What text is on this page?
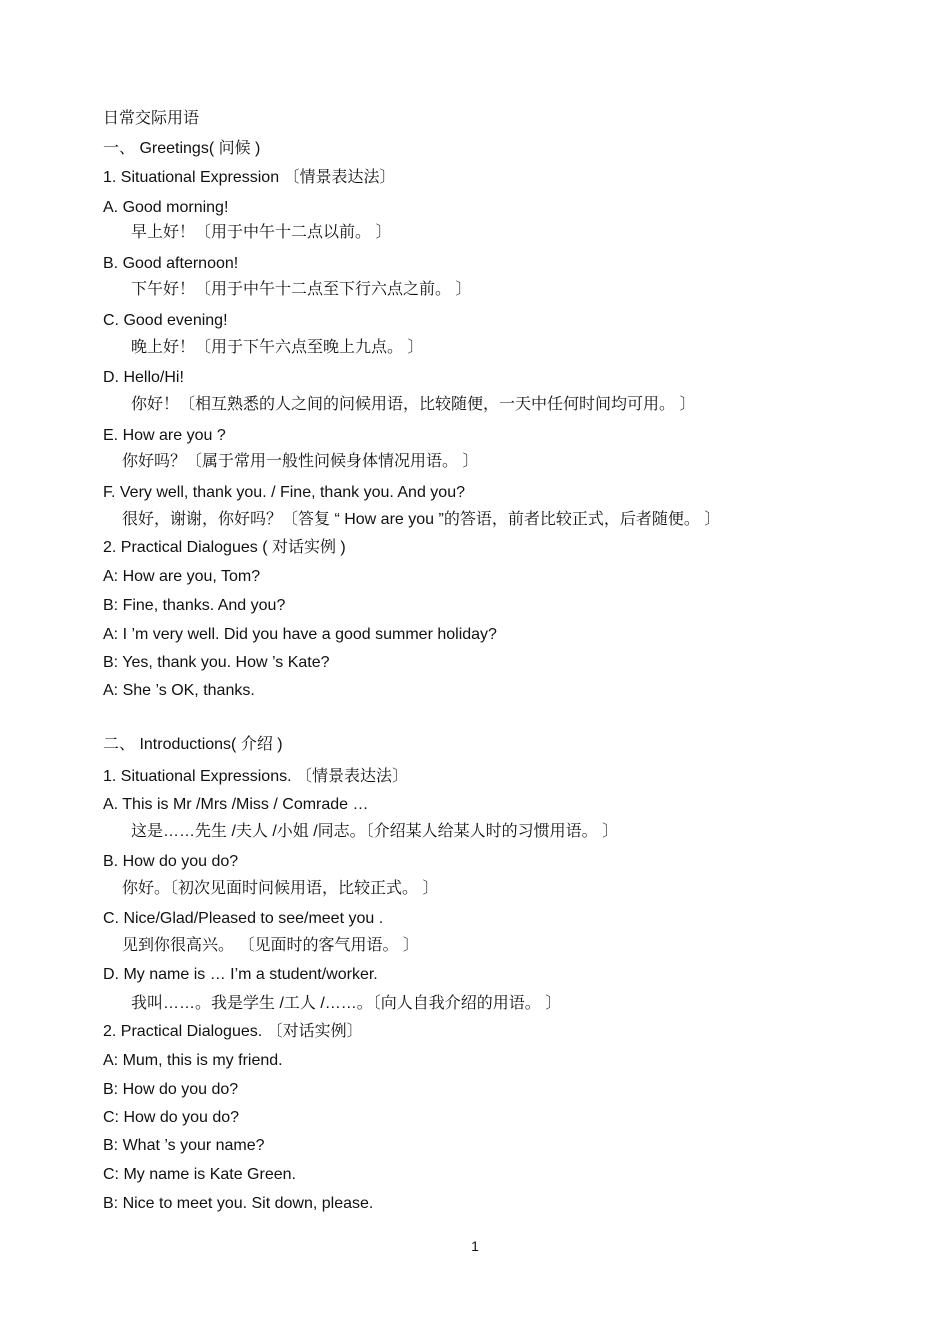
日常交际用语
一、 Greetings( 问候 )
1. Situational Expression 〔情景表达法〕
A. Good morning!
早上好！〔用于中午十二点以前。 〕
B. Good afternoon!
下午好！〔用于中午十二点至下行六点之前。 〕
C. Good evening!
晚上好！〔用于下午六点至晚上九点。 〕
D. Hello/Hi!
你好！〔相互熟悉的人之间的问候用语，比较随便，一天中任何时间均可用。 〕
E. How are you ?
你好吗？〔属于常用一般性问候身体情况用语。 〕
F. Very well, thank you. / Fine, thank you. And you?
很好，谢谢，你好吗？〔答复 “ How are you ”的答语，前者比较正式，后者随便。 〕
2. Practical Dialogues ( 对话实例 )
A: How are you, Tom?
B: Fine, thanks. And you?
A: I ’m very well. Did you have a good summer holiday?
B: Yes, thank you. How ’s Kate?
A: She ’s OK, thanks.
二、 Introductions( 介绍 )
1. Situational Expressions. 〔情景表达法〕
A. This is Mr /Mrs /Miss / Comrade …
这是……先生 /夫人 /小姐 /同志。〔介绍某人给某人时的习惯用语。 〕
B. How do you do?
你好。〔初次见面时问候用语，比较正式。 〕
C. Nice/Glad/Pleased to see/meet you .
见到你很高兴。 〔见面时的客气用语。 〕
D. My name is … I’m a student/worker.
我叫……。我是学生 /工人 /……。〔向人自我介绍的用语。 〕
2. Practical Dialogues. 〔对话实例〕
A: Mum, this is my friend.
B: How do you do?
C: How do you do?
B: What ’s your name?
C: My name is Kate Green.
B: Nice to meet you. Sit down, please.
1
